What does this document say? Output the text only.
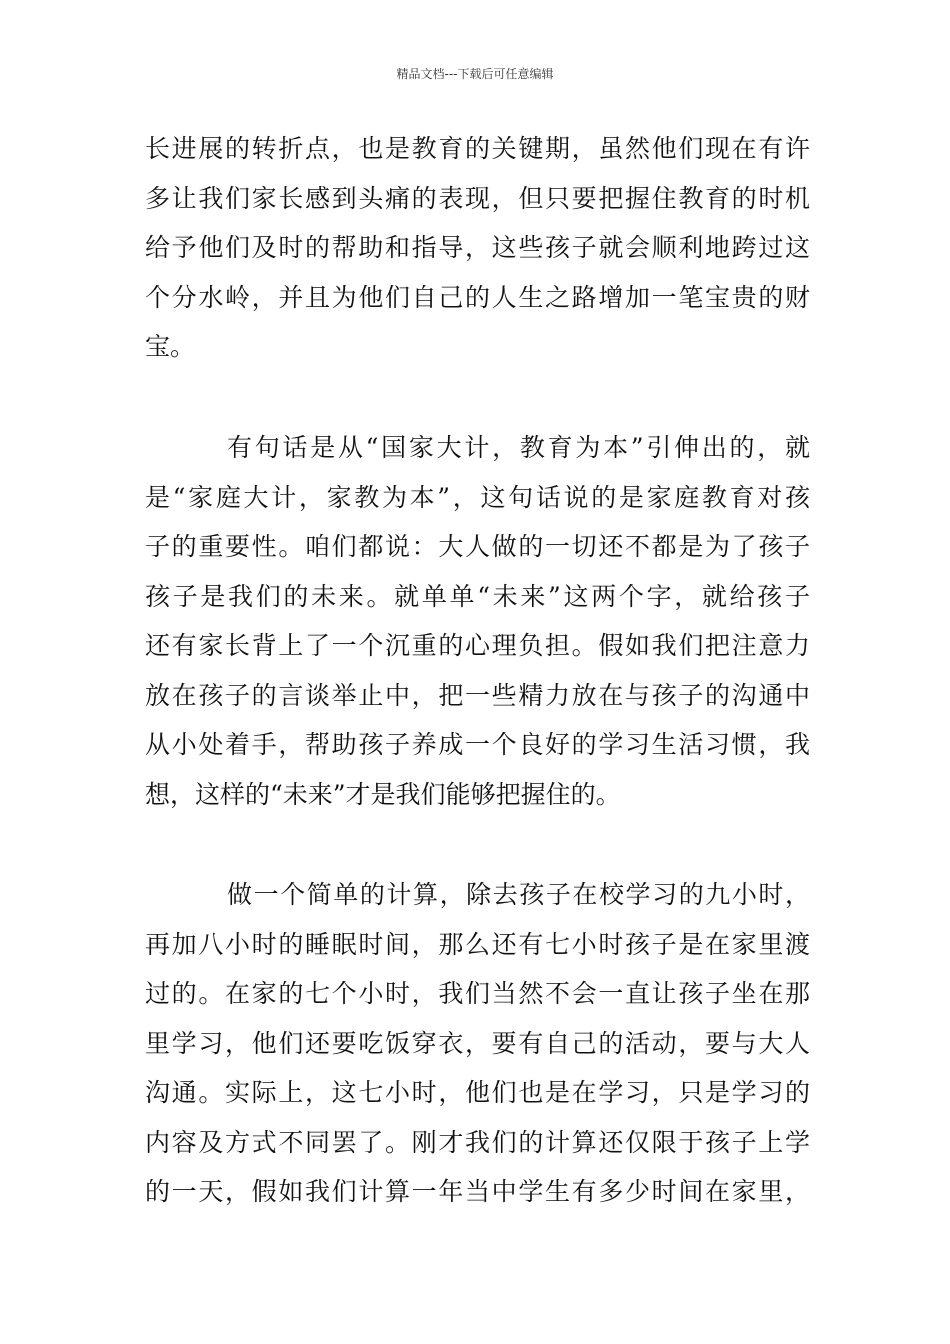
精品文档---下载后可任意编辑
长进展的转折点，也是教育的关键期，虽然他们现在有许
多让我们家长感到头痛的表现，但只要把握住教育的时机
给予他们及时的帮助和指导，这些孩子就会顺利地跨过这
个分水岭，并且为他们自己的人生之路增加一笔宝贵的财
宝。
有句话是从“国家大计，教育为本”引伸出的，就
是“家庭大计，家教为本”，这句话说的是家庭教育对孩
子的重要性。咱们都说：大人做的一切还不都是为了孩子
孩子是我们的未来。就单单“未来”这两个字，就给孩子
还有家长背上了一个沉重的心理负担。假如我们把注意力
放在孩子的言谈举止中，把一些精力放在与孩子的沟通中
从小处着手，帮助孩子养成一个良好的学习生活习惯，我
想，这样的“未来”才是我们能够把握住的。
做一个简单的计算，除去孩子在校学习的九小时，
再加八小时的睡眠时间，那么还有七小时孩子是在家里渡
过的。在家的七个小时，我们当然不会一直让孩子坐在那
里学习，他们还要吃饭穿衣，要有自己的活动，要与大人
沟通。实际上，这七小时，他们也是在学习，只是学习的
内容及方式不同罢了。刚才我们的计算还仅限于孩子上学
的一天，假如我们计算一年当中学生有多少时间在家里，
